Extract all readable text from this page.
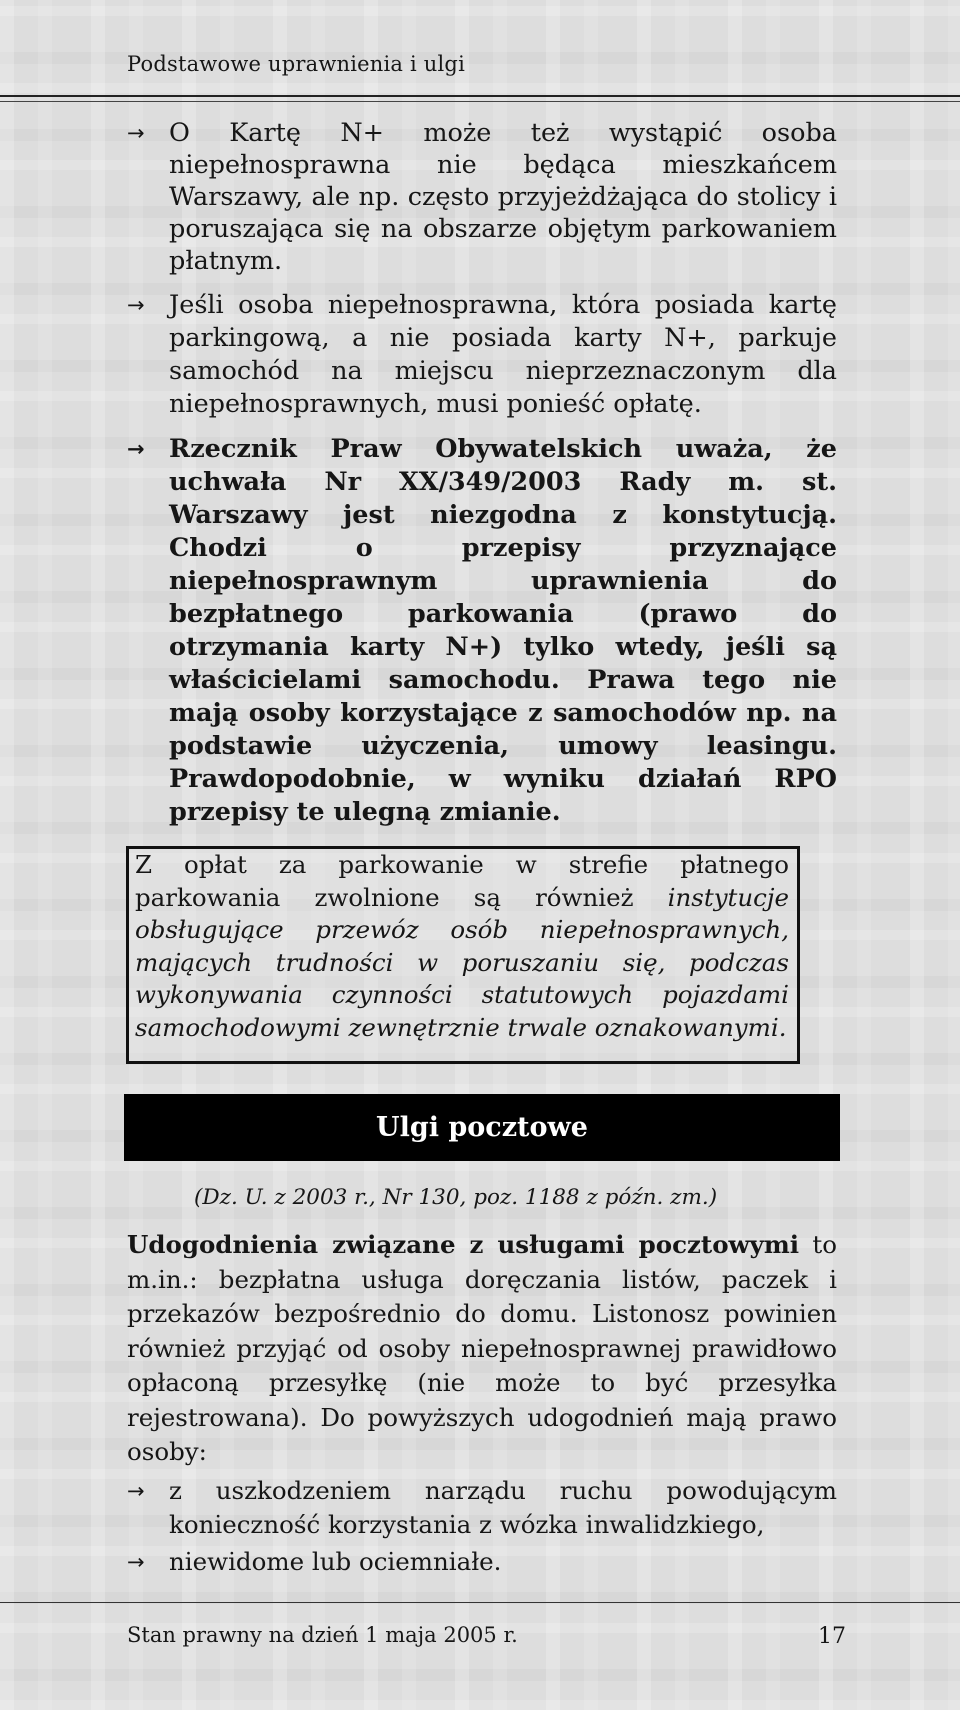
Podstawowe uprawnienia i ulgi
→ O Kartę N+ może też wystąpić osoba niepełnosprawna nie będąca mieszkańcem Warszawy, ale np. często przyjeżdżająca do stolicy i poruszająca się na obszarze objętym parkowaniem płatnym.
→ Jeśli osoba niepełnosprawna, która posiada kartę parkingową, a nie posiada karty N+, parkuje samochód na miejscu nieprzeznaczonym dla niepełnosprawnych, musi ponieść opłatę.
→ Rzecznik Praw Obywatelskich uważa, że uchwała Nr XX/349/2003 Rady m. st. Warszawy jest niezgodna z konstytucją. Chodzi o przepisy przyznające niepełnosprawnym uprawnienia do bezpłatnego parkowania (prawo do otrzymania karty N+) tylko wtedy, jeśli są właścicielami samochodu. Prawa tego nie mają osoby korzystające z samochodów np. na podstawie użyczenia, umowy leasingu. Prawdopodobnie, w wyniku działań RPO przepisy te ulegną zmianie.

Z opłat za parkowanie w strefie płatnego parkowania zwolnione są również instytucje obsługujące przewóz osób niepełnosprawnych, mających trudności w poruszaniu się, podczas wykonywania czynności statutowych pojazdami samochodowymi zewnętrznie trwale oznakowanymi.

Ulgi pocztowe
(Dz. U. z 2003 r., Nr 130, poz. 1188 z późn. zm.)
Udogodnienia związane z usługami pocztowymi to m.in.: bezpłatna usługa doręczania listów, paczek i przekazów bezpośrednio do domu. Listonosz powinien również przyjąć od osoby niepełnosprawnej prawidłowo opłaconą przesyłkę (nie może to być przesyłka rejestrowana). Do powyższych udogodnień mają prawo osoby:
→ z uszkodzeniem narządu ruchu powodującym konieczność korzystania z wózka inwalidzkiego,
→ niewidome lub ociemniałe.
Stan prawny na dzień 1 maja 2005 r.	17
